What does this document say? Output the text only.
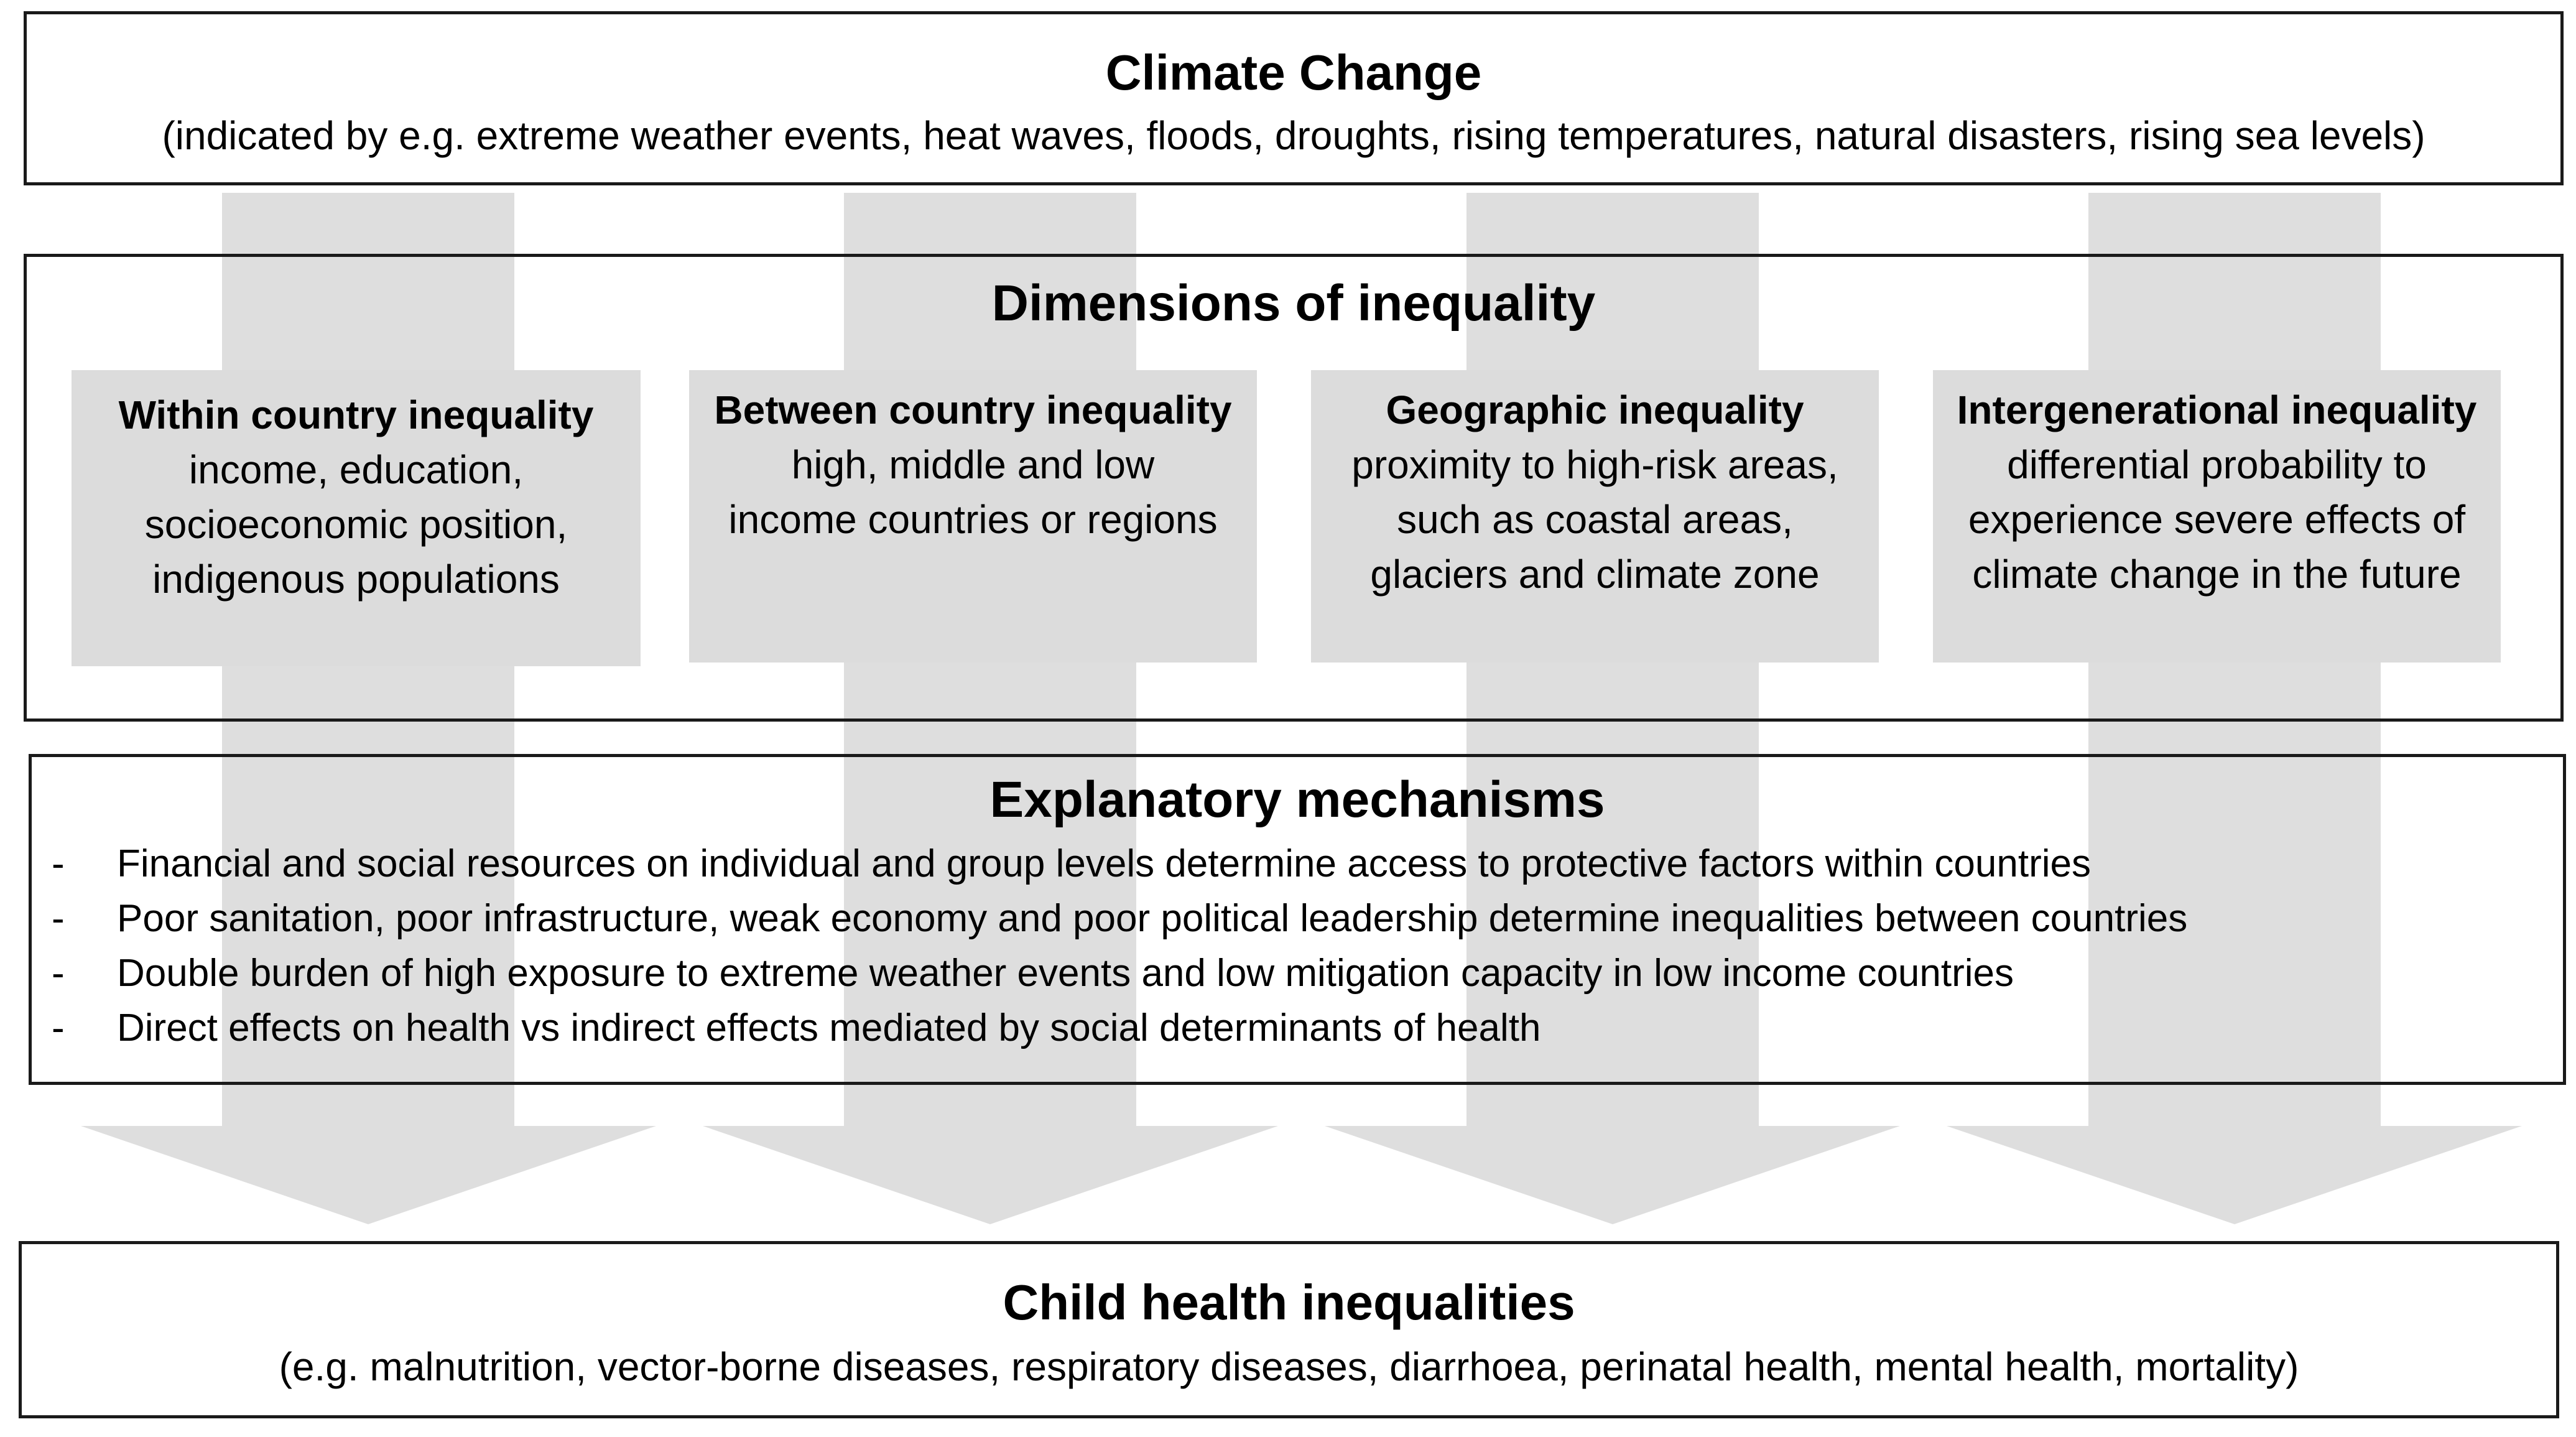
Climate Change
(indicated by e.g. extreme weather events, heat waves, floods, droughts, rising temperatures, natural disasters, rising sea levels)
Dimensions of inequality
Within country inequality
income, education,
socioeconomic position,
indigenous populations
Between country inequality
high, middle and low
income countries or regions
Geographic inequality
proximity to high-risk areas,
such as coastal areas,
glaciers and climate zone
Intergenerational inequality
differential probability to
experience severe effects of
climate change in the future
Explanatory mechanisms
- Financial and social resources on individual and group levels determine access to protective factors within countries
- Poor sanitation, poor infrastructure, weak economy and poor political leadership determine inequalities between countries
- Double burden of high exposure to extreme weather events and low mitigation capacity in low income countries
- Direct effects on health vs indirect effects mediated by social determinants of health
Child health inequalities
(e.g. malnutrition, vector-borne diseases, respiratory diseases, diarrhoea, perinatal health, mental health, mortality)
